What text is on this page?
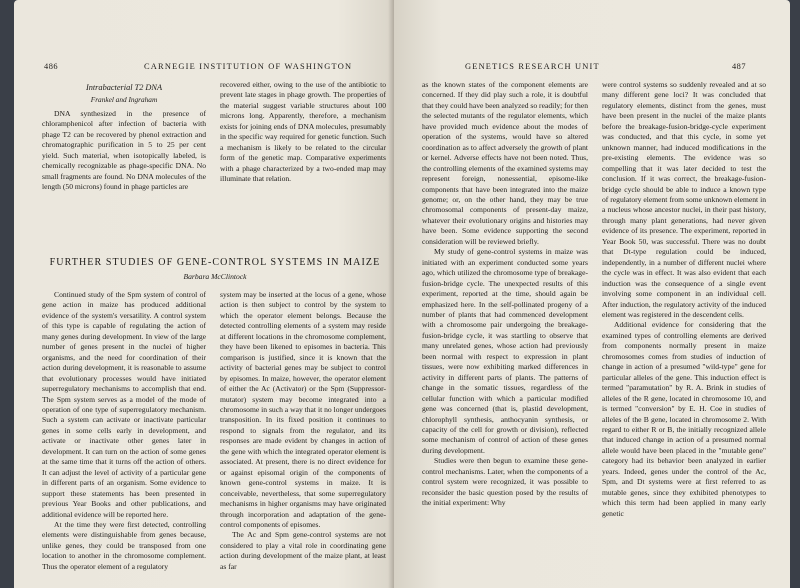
486	CARNEGIE INSTITUTION OF WASHINGTON
Intrabacterial T2 DNA
Frankel and Ingraham

DNA synthesized in the presence of chloramphenicol after infection of bacteria with phage T2 can be recovered by phenol extraction and chromatographic purification in 5 to 25 per cent yield. Such material, when isotopically labeled, is chemically recognizable as phage-specific DNA. No small fragments are found. No DNA molecules of the length (50 microns) found in phage particles are

recovered either, owing to the use of the antibiotic to prevent late stages in phage growth. The properties of the material suggest variable structures about 100 microns long. Apparently, therefore, a mechanism exists for joining ends of DNA molecules, presumably in the specific way required for genetic function. Such a mechanism is likely to be related to the circular form of the genetic map. Comparative experiments with a phage characterized by a two-ended map may illuminate that relation.

FURTHER STUDIES OF GENE-CONTROL SYSTEMS IN MAIZE
Barbara McClintock

Continued study of the Spm system of control of gene action in maize has produced additional evidence of the system's versatility. A control system of this type is capable of regulating the action of many genes during development. In view of the large number of genes present in the nuclei of higher organisms, and the need for coordination of their action during development, it is reasonable to assume that evolutionary processes would have initiated superregulatory mechanisms to accomplish that end. The Spm system serves as a model of the mode of operation of one type of superregulatory mechanism. Such a system can activate or inactivate particular genes in some cells early in development, and activate or inactivate other genes later in development. It can turn on the action of some genes at the same time that it turns off the action of others. It can adjust the level of activity of a particular gene in different parts of an organism. Some evidence to support these statements has been presented in previous Year Books and other publications, and additional evidence will be reported here.

At the time they were first detected, controlling elements were distinguishable from genes because, unlike genes, they could be transposed from one location to another in the chromosome complement. Thus the operator element of a regulatory

system may be inserted at the locus of a gene, whose action is then subject to control by the system to which the operator element belongs. Because the detected controlling elements of a system may reside at different locations in the chromosome complement, they have been likened to episomes in bacteria. This comparison is justified, since it is known that the activity of bacterial genes may be subject to control by episomes. In maize, however, the operator element of either the Ac (Activator) or the Spm (Suppressor-mutator) system may become integrated into a chromosome in such a way that it no longer undergoes transposition. In its fixed position it continues to respond to signals from the regulator, and its responses are made evident by changes in action of the gene with which the integrated operator element is associated. At present, there is no direct evidence for or against episomal origin of the components of known gene-control systems in maize. It is conceivable, nevertheless, that some superregulatory mechanisms in higher organisms may have originated through incorporation and adaptation of the gene-control components of episomes.

The Ac and Spm gene-control systems are not considered to play a vital role in coordinating gene action during development of the maize plant, at least as far

GENETICS RESEARCH UNIT	487

as the known states of the component elements are concerned. If they did play such a role, it is doubtful that they could have been analyzed so readily; for then the selected mutants of the regulator elements, which have provided much evidence about the modes of operation of the systems, would have so altered coordination as to affect adversely the growth of plant or kernel. Adverse effects have not been noted. Thus, the controlling elements of the examined systems may represent foreign, nonessential, episome-like components that have been integrated into the maize genome; or, on the other hand, they may be true chromosomal components of present-day maize, whatever their evolutionary origins and histories may have been. Some evidence supporting the second consideration will be reviewed briefly.

My study of gene-control systems in maize was initiated with an experiment conducted some years ago, which utilized the chromosome type of breakage-fusion-bridge cycle. The unexpected results of this experiment, reported at the time, should again be emphasized here. In the self-pollinated progeny of a number of plants that had commenced development with a chromosome pair undergoing the breakage-fusion-bridge cycle, it was startling to observe that many unrelated genes, whose action had previously been normal with respect to expression in plant tissues, were now exhibiting marked differences in activity in different parts of plants. The patterns of change in the somatic tissues, regardless of the cellular function with which a particular modified gene was concerned (that is, plastid development, chlorophyll synthesis, anthocyanin synthesis, or capacity of the cell for growth or division), reflected some mechanism of control of action of these genes during development.

Studies were then begun to examine these gene-control mechanisms. Later, when the components of a control system were recognized, it was possible to reconsider the basic question posed by the results of the initial experiment: Why

were control systems so suddenly revealed and at so many different gene loci? It was concluded that regulatory elements, distinct from the genes, must have been present in the nuclei of the maize plants before the breakage-fusion-bridge-cycle experiment was conducted, and that this cycle, in some yet unknown manner, had induced modifications in the pre-existing elements. The evidence was so compelling that it was later decided to test the conclusion. If it was correct, the breakage-fusion-bridge cycle should be able to induce a known type of regulatory element from some unknown element in a nucleus whose ancestor nuclei, in their past history, through many plant generations, had never given evidence of its presence. The experiment, reported in Year Book 50, was successful. There was no doubt that Dt-type regulation could be induced, independently, in a number of different nuclei where the cycle was in effect. It was also evident that each induction was the consequence of a single event involving some component in an individual cell. After induction, the regulatory activity of the induced element was registered in the descendent cells.

Additional evidence for considering that the examined types of controlling elements are derived from components normally present in maize chromosomes comes from studies of induction of change in action of a presumed "wild-type" gene for particular alleles of the gene. This induction effect is termed "paramutation" by R. A. Brink in studies of alleles of the R gene, located in chromosome 10, and is termed "conversion" by E. H. Coe in studies of alleles of the B gene, located in chromosome 2. With regard to either R or B, the initially recognized allele that induced change in action of a presumed normal allele would have been placed in the "mutable gene" category had its behavior been analyzed in earlier years. Indeed, genes under the control of the Ac, Spm, and Dt systems were at first referred to as mutable genes, since they exhibited phenotypes to which this term had been applied in many early genetic
